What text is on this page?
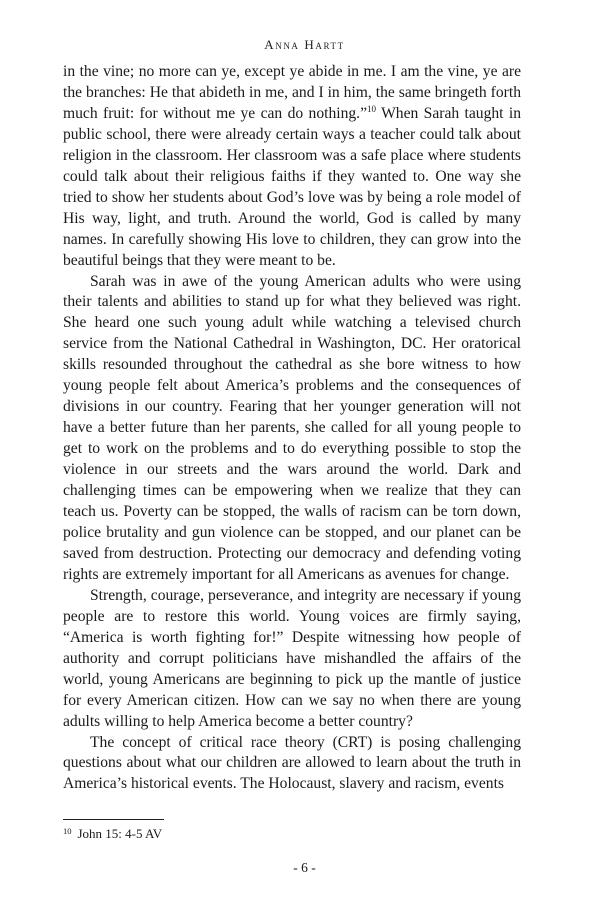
Anna Hartt

in the vine; no more can ye, except ye abide in me. I am the vine, ye are the branches: He that abideth in me, and I in him, the same bringeth forth much fruit: for without me ye can do nothing.”$^{10}$ When Sarah taught in public school, there were already certain ways a teacher could talk about religion in the classroom. Her classroom was a safe place where students could talk about their religious faiths if they wanted to. One way she tried to show her students about God’s love was by being a role model of His way, light, and truth. Around the world, God is called by many names. In carefully showing His love to children, they can grow into the beautiful beings that they were meant to be.

Sarah was in awe of the young American adults who were using their talents and abilities to stand up for what they believed was right. She heard one such young adult while watching a televised church service from the National Cathedral in Washington, DC. Her oratorical skills resounded throughout the cathedral as she bore witness to how young people felt about America’s problems and the consequences of divisions in our country. Fearing that her younger generation will not have a better future than her parents, she called for all young people to get to work on the problems and to do everything possible to stop the violence in our streets and the wars around the world. Dark and challenging times can be empowering when we realize that they can teach us. Poverty can be stopped, the walls of racism can be torn down, police brutality and gun violence can be stopped, and our planet can be saved from destruction. Protecting our democracy and defending voting rights are extremely important for all Americans as avenues for change.

Strength, courage, perseverance, and integrity are necessary if young people are to restore this world. Young voices are firmly saying, “America is worth fighting for!” Despite witnessing how people of authority and corrupt politicians have mishandled the affairs of the world, young Americans are beginning to pick up the mantle of justice for every American citizen. How can we say no when there are young adults willing to help America become a better country?

The concept of critical race theory (CRT) is posing challenging questions about what our children are allowed to learn about the truth in America’s historical events. The Holocaust, slavery and racism, events

$^{10}$ John 15: 4-5 AV
- 6 -
